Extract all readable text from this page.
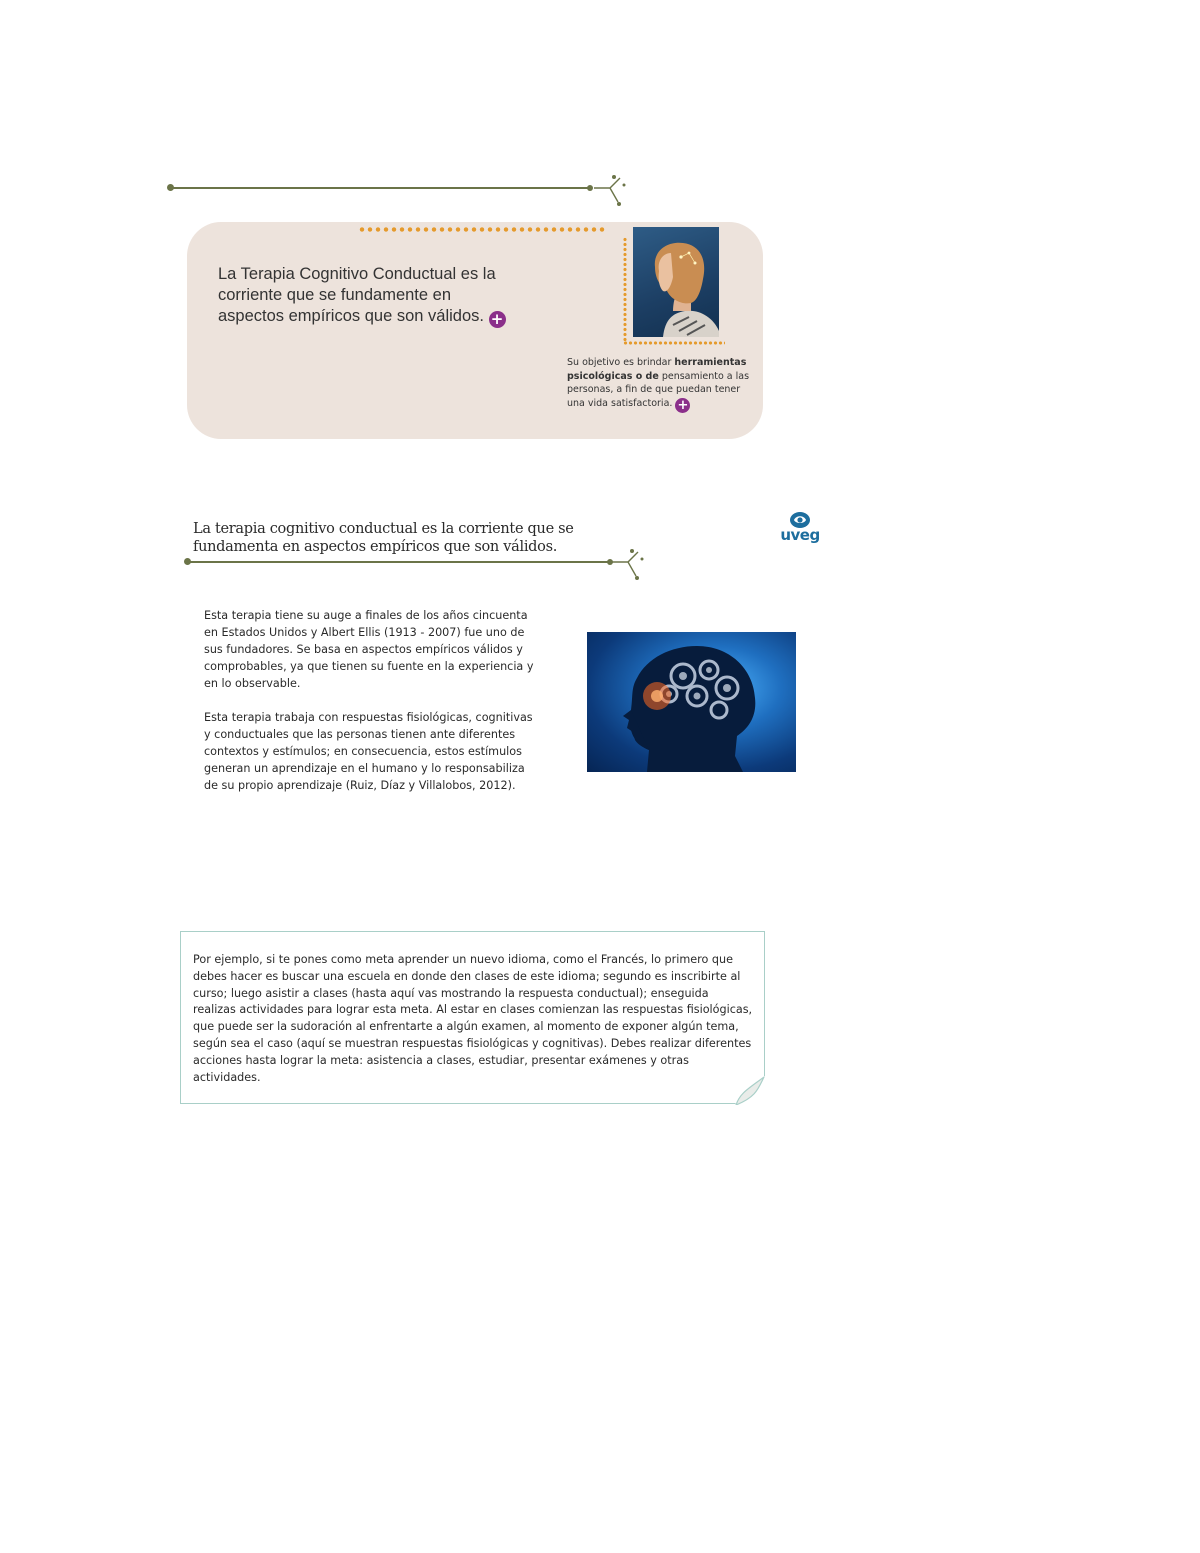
La Terapia Cognitivo Conductual es la corriente que se fundamente en aspectos empíricos que son válidos. +
Su objetivo es brindar herramientas psicológicas o de pensamiento a las personas, a fin de que puedan tener una vida satisfactoria. +
La terapia cognitivo conductual es la corriente que se fundamenta en aspectos empíricos que son válidos.
uveg

Esta terapia tiene su auge a finales de los años cincuenta en Estados Unidos y Albert Ellis (1913 - 2007) fue uno de sus fundadores. Se basa en aspectos empíricos válidos y comprobables, ya que tienen su fuente en la experiencia y en lo observable.

Esta terapia trabaja con respuestas fisiológicas, cognitivas y conductuales que las personas tienen ante diferentes contextos y estímulos; en consecuencia, estos estímulos generan un aprendizaje en el humano y lo responsabiliza de su propio aprendizaje (Ruiz, Díaz y Villalobos, 2012).

Por ejemplo, si te pones como meta aprender un nuevo idioma, como el Francés, lo primero que debes hacer es buscar una escuela en donde den clases de este idioma; segundo es inscribirte al curso; luego asistir a clases (hasta aquí vas mostrando la respuesta conductual); enseguida realizas actividades para lograr esta meta. Al estar en clases comienzan las respuestas fisiológicas, que puede ser la sudoración al enfrentarte a algún examen, al momento de exponer algún tema, según sea el caso (aquí se muestran respuestas fisiológicas y cognitivas). Debes realizar diferentes acciones hasta lograr la meta: asistencia a clases, estudiar, presentar exámenes y otras actividades.
